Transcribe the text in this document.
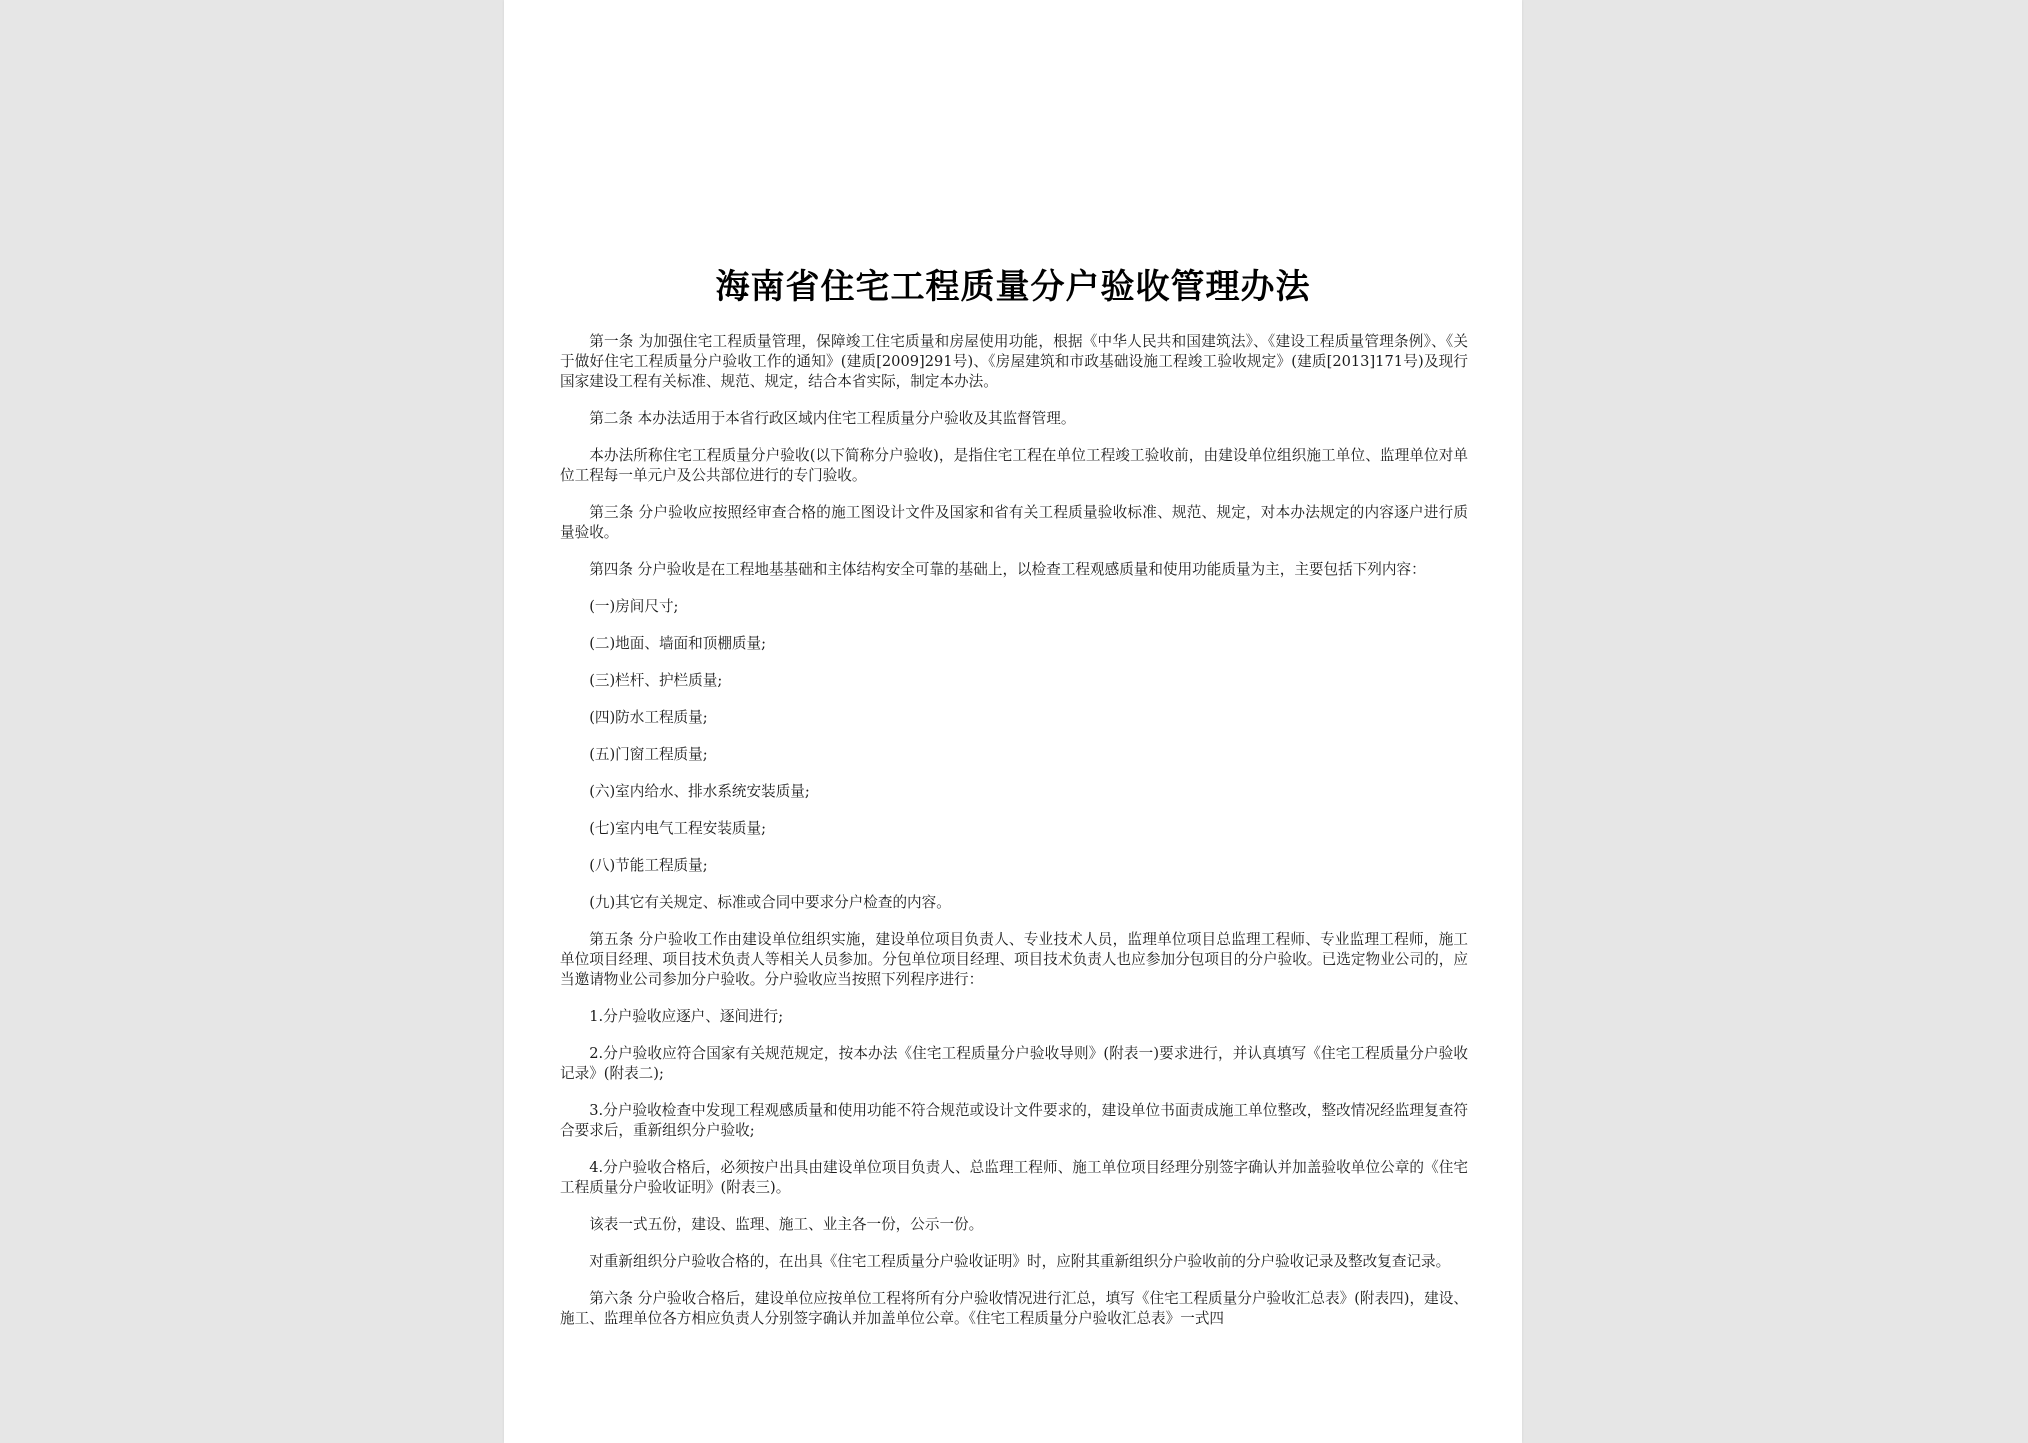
海南省住宅工程质量分户验收管理办法

第一条 为加强住宅工程质量管理，保障竣工住宅质量和房屋使用功能，根据《中华人民共和国建筑法》、《建设工程质量管理条例》、《关于做好住宅工程质量分户验收工作的通知》(建质[2009]291号)、《房屋建筑和市政基础设施工程竣工验收规定》(建质[2013]171号)及现行国家建设工程有关标准、规范、规定，结合本省实际，制定本办法。

第二条 本办法适用于本省行政区域内住宅工程质量分户验收及其监督管理。

本办法所称住宅工程质量分户验收(以下简称分户验收)，是指住宅工程在单位工程竣工验收前，由建设单位组织施工单位、监理单位对单位工程每一单元户及公共部位进行的专门验收。

第三条 分户验收应按照经审查合格的施工图设计文件及国家和省有关工程质量验收标准、规范、规定，对本办法规定的内容逐户进行质量验收。

第四条 分户验收是在工程地基基础和主体结构安全可靠的基础上，以检查工程观感质量和使用功能质量为主，主要包括下列内容：

(一)房间尺寸;

(二)地面、墙面和顶棚质量;

(三)栏杆、护栏质量;

(四)防水工程质量;

(五)门窗工程质量;

(六)室内给水、排水系统安装质量;

(七)室内电气工程安装质量;

(八)节能工程质量;

(九)其它有关规定、标准或合同中要求分户检查的内容。

第五条 分户验收工作由建设单位组织实施，建设单位项目负责人、专业技术人员，监理单位项目总监理工程师、专业监理工程师，施工单位项目经理、项目技术负责人等相关人员参加。分包单位项目经理、项目技术负责人也应参加分包项目的分户验收。已选定物业公司的，应当邀请物业公司参加分户验收。分户验收应当按照下列程序进行：

1.分户验收应逐户、逐间进行;

2.分户验收应符合国家有关规范规定，按本办法《住宅工程质量分户验收导则》(附表一)要求进行，并认真填写《住宅工程质量分户验收记录》(附表二);

3.分户验收检查中发现工程观感质量和使用功能不符合规范或设计文件要求的，建设单位书面责成施工单位整改，整改情况经监理复查符合要求后，重新组织分户验收;

4.分户验收合格后，必须按户出具由建设单位项目负责人、总监理工程师、施工单位项目经理分别签字确认并加盖验收单位公章的《住宅工程质量分户验收证明》(附表三)。

该表一式五份，建设、监理、施工、业主各一份，公示一份。

对重新组织分户验收合格的，在出具《住宅工程质量分户验收证明》时，应附其重新组织分户验收前的分户验收记录及整改复查记录。

第六条 分户验收合格后，建设单位应按单位工程将所有分户验收情况进行汇总，填写《住宅工程质量分户验收汇总表》(附表四)，建设、施工、监理单位各方相应负责人分别签字确认并加盖单位公章。《住宅工程质量分户验收汇总表》一式四
